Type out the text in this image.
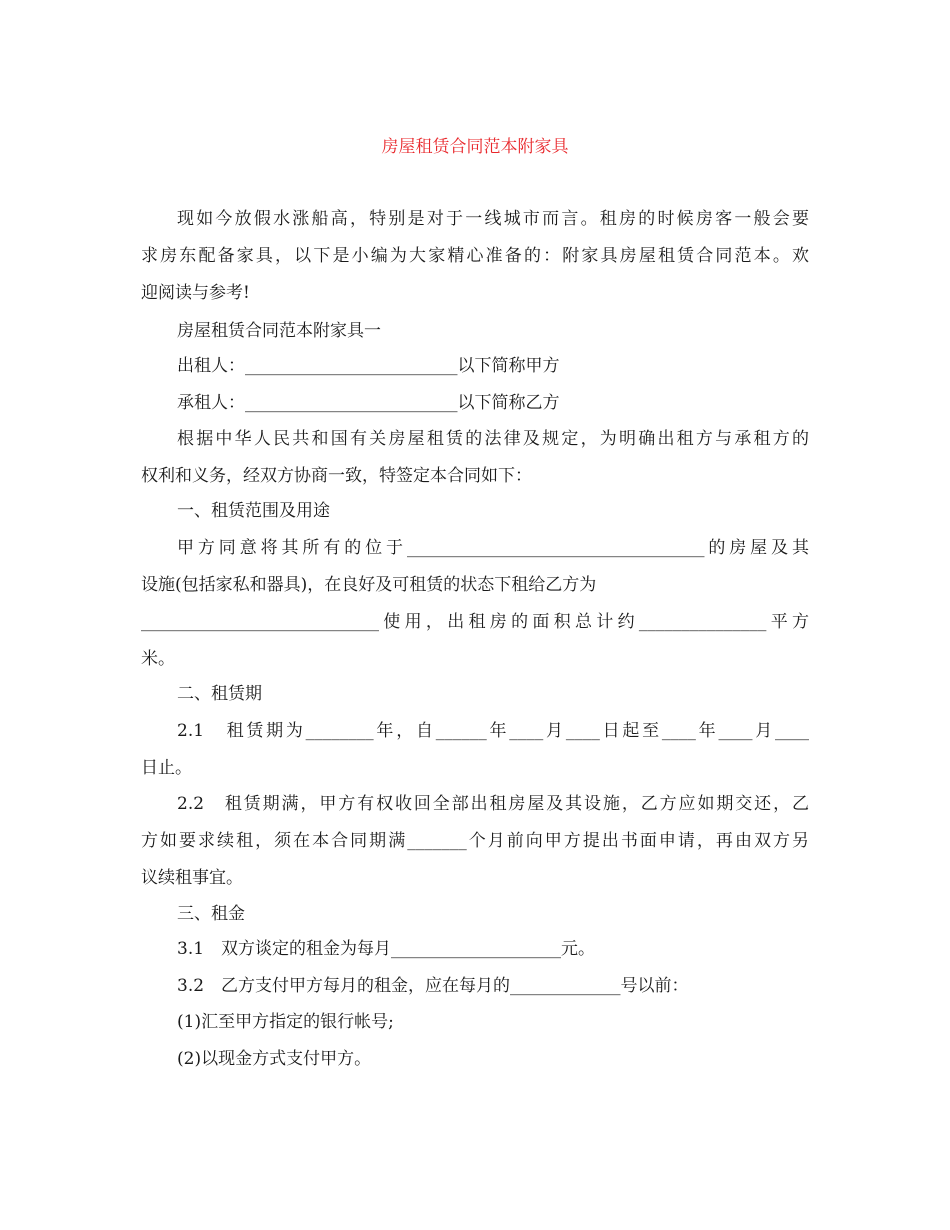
房屋租赁合同范本附家具
现如今放假水涨船高，特别是对于一线城市而言。租房的时候房客一般会要
求房东配备家具，以下是小编为大家精心准备的：附家具房屋租赁合同范本。欢
迎阅读与参考!
房屋租赁合同范本附家具一
出租人：_________________________以下简称甲方
承租人：_________________________以下简称乙方
根据中华人民共和国有关房屋租赁的法律及规定，为明确出租方与承租方的
权利和义务，经双方协商一致，特签定本合同如下：
一、租赁范围及用途
甲方同意将其所有的位于___________________________________的房屋及其
设施(包括家私和器具)，在良好及可租赁的状态下租给乙方为
____________________________使用，出租房的面积总计约_______________平方
米。
二、租赁期
2.1　租赁期为________年，自______年____月____日起至____年____月____
日止。
2.2　租赁期满，甲方有权收回全部出租房屋及其设施，乙方应如期交还，乙
方如要求续租，须在本合同期满_______个月前向甲方提出书面申请，再由双方另
议续租事宜。
三、租金
3.1　双方谈定的租金为每月____________________元。
3.2　乙方支付甲方每月的租金，应在每月的_____________号以前：
(1)汇至甲方指定的银行帐号;
(2)以现金方式支付甲方。
